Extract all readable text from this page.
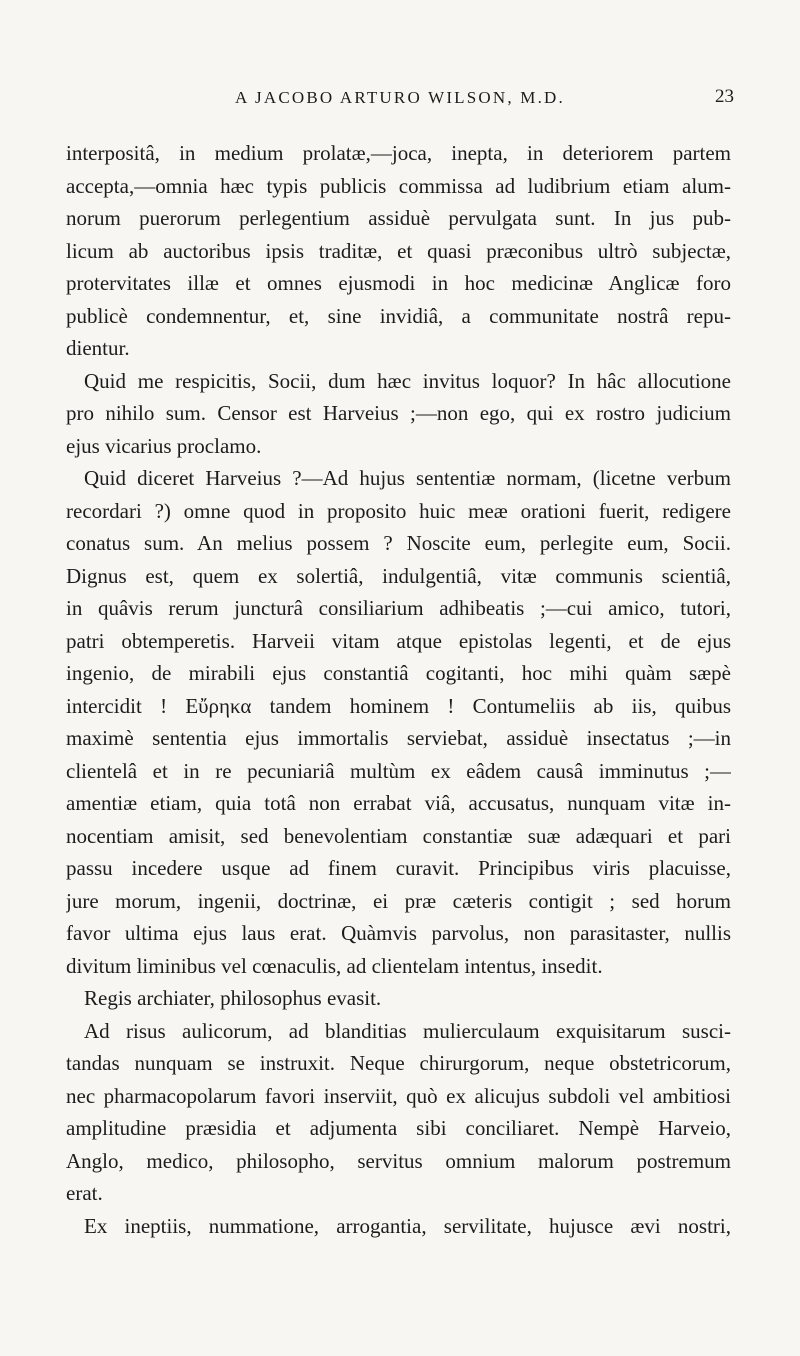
A JACOBO ARTURO WILSON, M.D.	23
interpositâ, in medium prolatæ,—joca, inepta, in deteriorem partem
accepta,—omnia hæc typis publicis commissa ad ludibrium etiam alum-
norum puerorum perlegentium assiduè pervulgata sunt. In jus pub-
licum ab auctoribus ipsis traditæ, et quasi præconibus ultrò subjectæ,
protervitates illæ et omnes ejusmodi in hoc medicinæ Anglicæ foro
publicè condemnentur, et, sine invidiâ, a communitate nostrâ repu-
dientur.
Quid me respicitis, Socii, dum hæc invitus loquor? In hâc allocutione
pro nihilo sum. Censor est Harveius ;—non ego, qui ex rostro judicium
ejus vicarius proclamo.
Quid diceret Harveius ?—Ad hujus sententiæ normam, (licetne verbum
recordari ?) omne quod in proposito huic meæ orationi fuerit, redigere
conatus sum. An melius possem ? Noscite eum, perlegite eum, Socii.
Dignus est, quem ex solertiâ, indulgentiâ, vitæ communis scientiâ,
in quâvis rerum juncturâ consiliarium adhibeatis ;—cui amico, tutori,
patri obtemperetis. Harveii vitam atque epistolas legenti, et de ejus
ingenio, de mirabili ejus constantiâ cogitanti, hoc mihi quàm sæpè
intercidit ! Εὔρηκα tandem hominem ! Contumeliis ab iis, quibus
maximè sententia ejus immortalis serviebat, assiduè insectatus ;—in
clientelâ et in re pecuniariâ multùm ex eâdem causâ imminutus ;—
amentiæ etiam, quia totâ non errabat viâ, accusatus, nunquam vitæ in-
nocentiam amisit, sed benevolentiam constantiæ suæ adæquari et pari
passu incedere usque ad finem curavit. Principibus viris placuisse,
jure morum, ingenii, doctrinæ, ei præ cæteris contigit ; sed horum
favor ultima ejus laus erat. Quàmvis parvolus, non parasitaster, nullis
divitum liminibus vel cœnaculis, ad clientelam intentus, insedit.
Regis archiater, philosophus evasit.
Ad risus aulicorum, ad blanditias mulierculaum exquisitarum susci-
tandas nunquam se instruxit. Neque chirurgorum, neque obstetricorum,
nec pharmacopolarum favori inserviit, quò ex alicujus subdoli vel ambitiosi
amplitudine præsidia et adjumenta sibi conciliaret. Nempè Harveio,
Anglo, medico, philosopho, servitus omnium malorum postremum
erat.
Ex ineptiis, nummatione, arrogantia, servilitate, hujusce ævi nostri,
